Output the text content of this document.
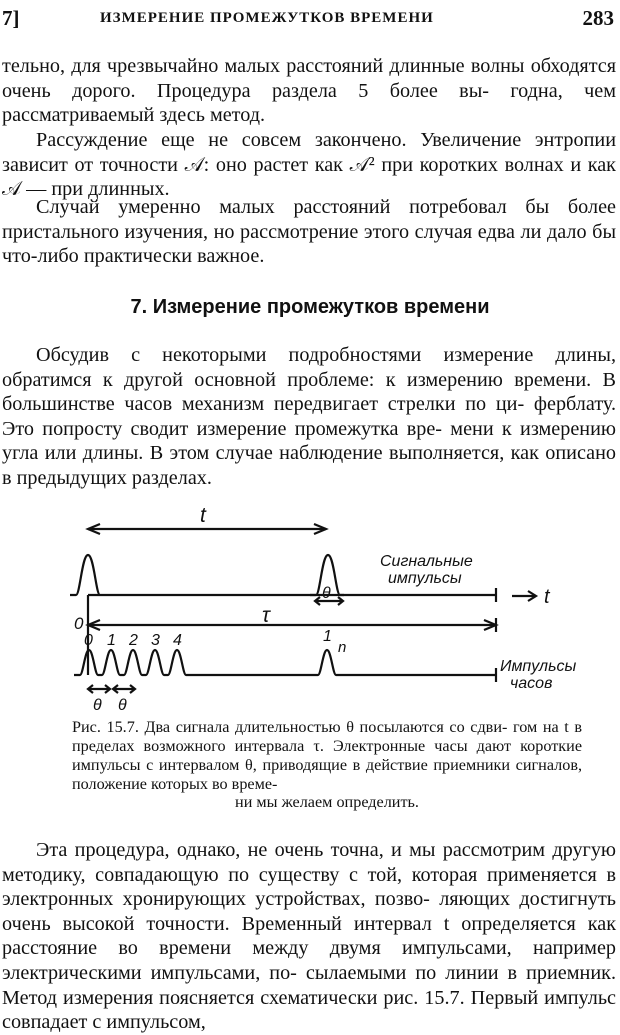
7]	ИЗМЕРЕНИЕ ПРОМЕЖУТКОВ ВРЕМЕНИ	283

тельно, для чрезвычайно малых расстояний длинные волны обходятся очень дорого. Процедура раздела 5 более вы- годна, чем рассматриваемый здесь метод.

Рассуждение еще не совсем закончено. Увеличение энтропии зависит от точности 𝒜: оно растет как 𝒜² при коротких волнах и как 𝒜 — при длинных.

Случай умеренно малых расстояний потребовал бы более пристального изучения, но рассмотрение этого случая едва ли дало бы что-либо практически важное.

7. Измерение промежутков времени

Обсудив с некоторыми подробностями измерение длины, обратимся к другой основной проблеме: к измерению времени. В большинстве часов механизм передвигает стрелки по ци- ферблату. Это попросту сводит измерение промежутка вре- мени к измерению угла или длины. В этом случае наблюдение выполняется, как описано в предыдущих разделах.

t
Сигнальные
импульсы
θ	t
0	τ
0 1 2 3 4	1
n
Импульсы
часов
θ θ

Рис. 15.7. Два сигнала длительностью θ посылаются со сдви- гом на t в пределах возможного интервала τ. Электронные часы дают короткие импульсы с интервалом θ, приводящие в действие приемники сигналов, положение которых во време-

ни мы желаем определить.

Эта процедура, однако, не очень точна, и мы рассмотрим другую методику, совпадающую по существу с той, которая применяется в электронных хронирующих устройствах, позво- ляющих достигнуть очень высокой точности. Временный интервал t определяется как расстояние во времени между двумя импульсами, например электрическими импульсами, по- сылаемыми по линии в приемник. Метод измерения поясняется схематически рис. 15.7. Первый импульс совпадает с импульсом,
